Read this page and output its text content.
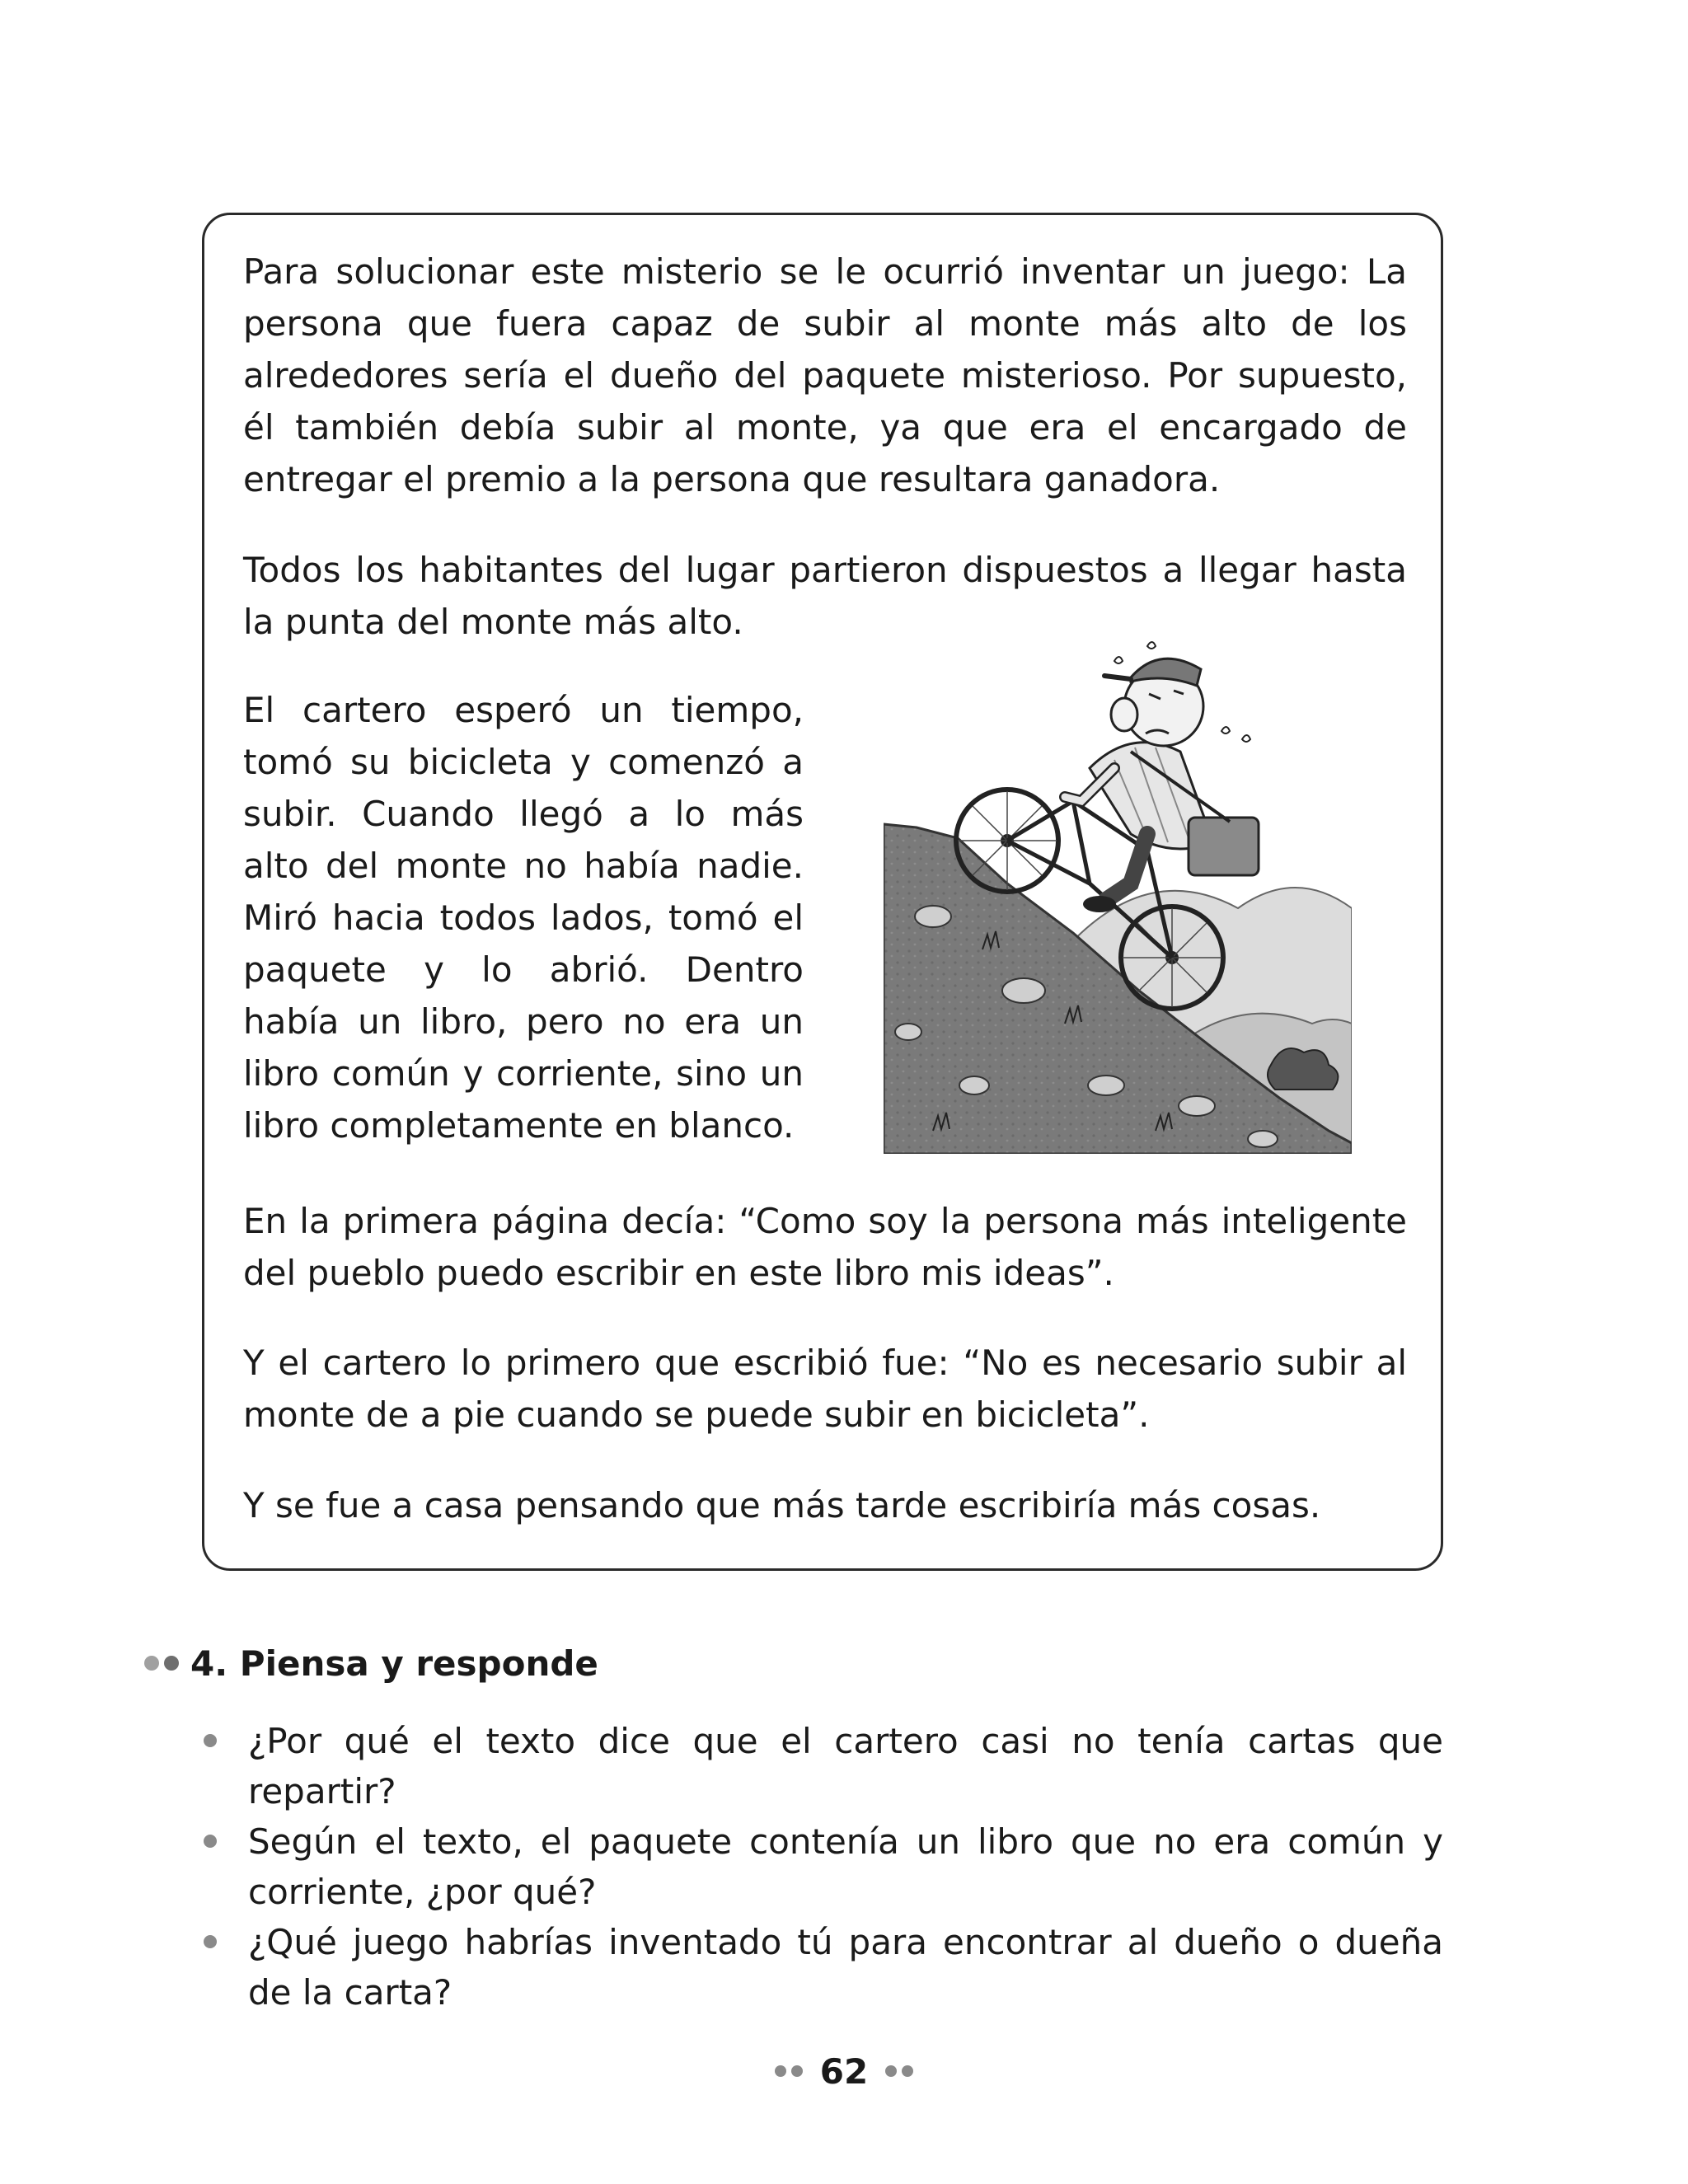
Para solucionar este misterio se le ocurrió inventar un juego: La persona que fuera capaz de subir al monte más alto de los alrededores sería el dueño del paquete misterioso. Por supuesto, él también debía subir al monte, ya que era el encargado de entregar el premio a la persona que resultara ganadora.

Todos los habitantes del lugar partieron dispuestos a llegar hasta la punta del monte más alto.

El cartero esperó un tiempo, tomó su bicicleta y comenzó a subir. Cuando llegó a lo más alto del monte no había nadie. Miró hacia todos lados, tomó el paquete y lo abrió. Dentro había un libro, pero no era un libro común y corriente, sino un libro completamente en blanco.

En la primera página decía: “Como soy la persona más inteligente del pueblo puedo escribir en este libro mis ideas”.

Y el cartero lo primero que escribió fue: “No es necesario subir al monte de a pie cuando se puede subir en bicicleta”.

Y se fue a casa pensando que más tarde escribiría más cosas.

4. Piensa y responde
¿Por qué el texto dice que el cartero casi no tenía cartas que repartir?
Según el texto, el paquete contenía un libro que no era común y corriente, ¿por qué?
¿Qué juego habrías inventado tú para encontrar al dueño o dueña de la carta?
62
